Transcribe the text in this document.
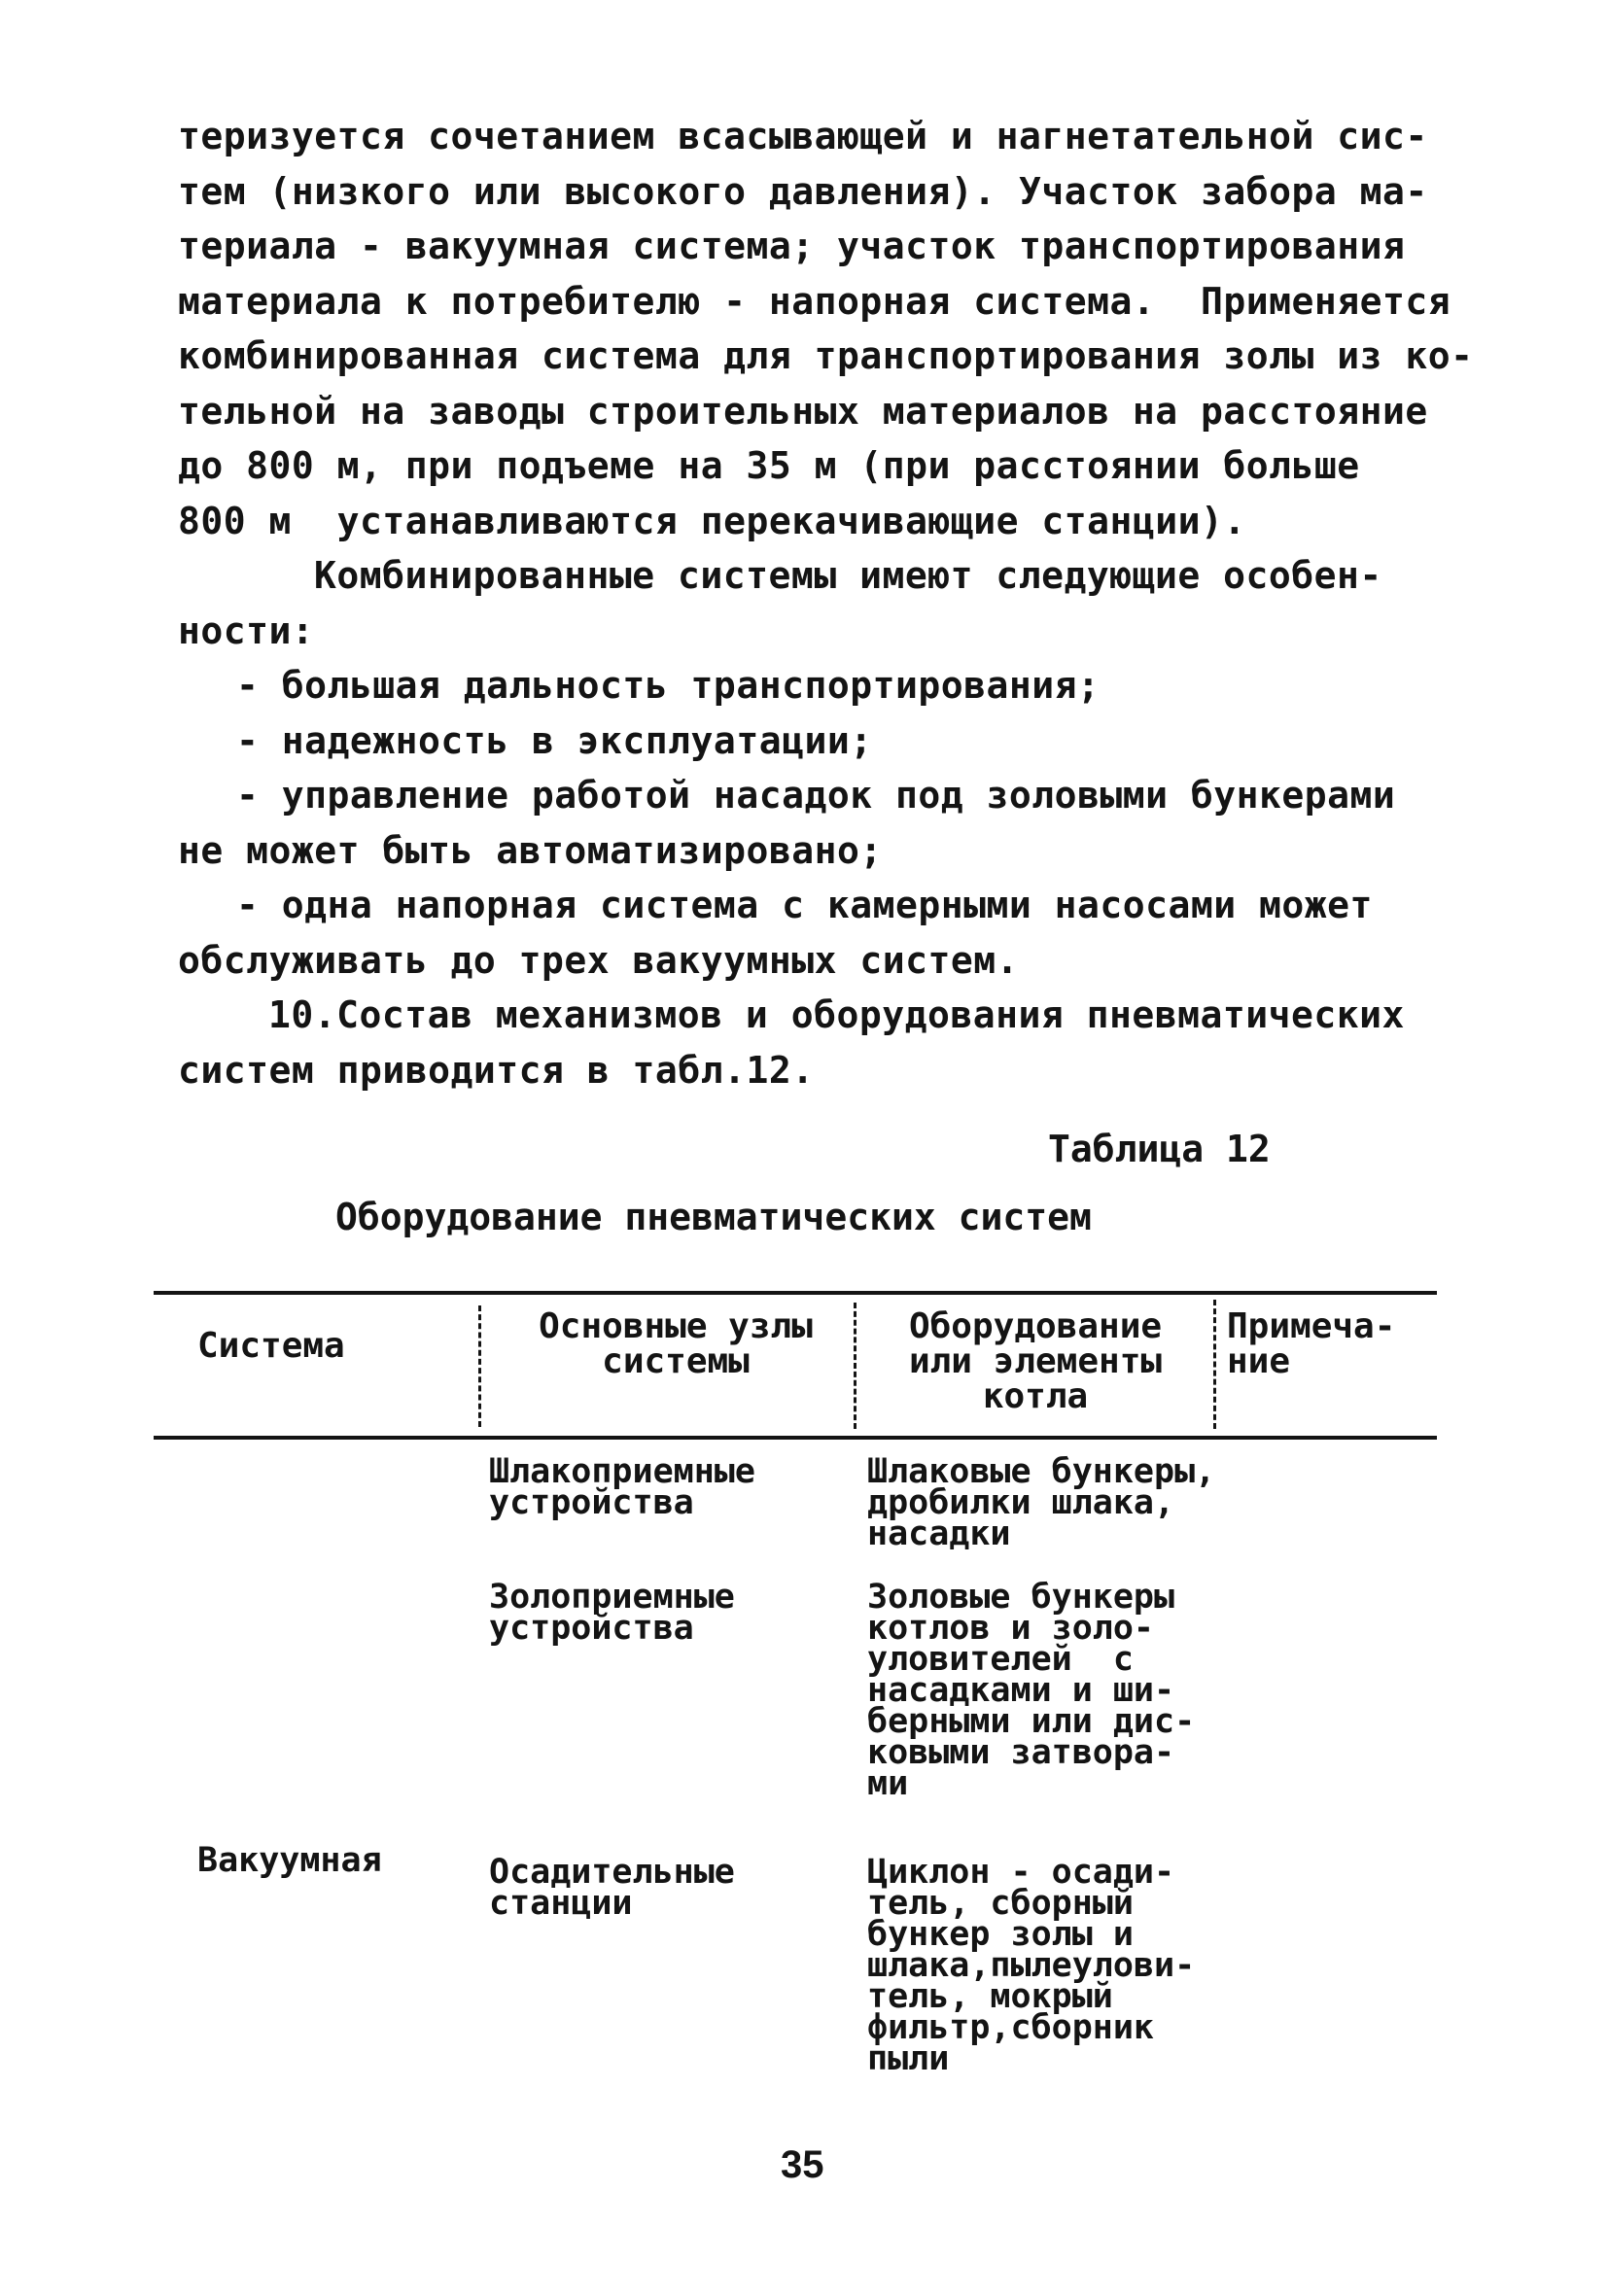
теризуется сочетанием всасывающей и нагнетательной сис-
тем (низкого или высокого давления). Участок забора ма-
териала - вакуумная система; участок транспортирования
материала к потребителю - напорная система.  Применяется
комбинированная система для транспортирования золы из ко-
тельной на заводы строительных материалов на расстояние
до 800 м, при подъеме на 35 м (при расстоянии больше
800 м  устанавливаются перекачивающие станции).
Комбинированные системы имеют следующие особен-
ности:
- большая дальность транспортирования;
- надежность в эксплуатации;
- управление работой насадок под золовыми бункерами
не может быть автоматизировано;
- одна напорная система с камерными насосами может
обслуживать до трех вакуумных систем.
10.Состав механизмов и оборудования пневматических
систем приводится в табл.12.
Таблица 12
Оборудование пневматических систем
Система	Основные узлы системы
Оборудование или элементы котла
Примеча- ние
Вакуумная
Шлакоприемные
устройства
Шлаковые бункеры,
дробилки шлака,
насадки
Золоприемные
устройства
Золовые бункеры
котлов и золо-
уловителей  с
насадками и ши-
берными или дис-
ковыми затвора-
ми
Осадительные
станции
Циклон - осади-
тель, сборный
бункер золы и
шлака,пылеулови-
тель, мокрый
фильтр,сборник
пыли
35
